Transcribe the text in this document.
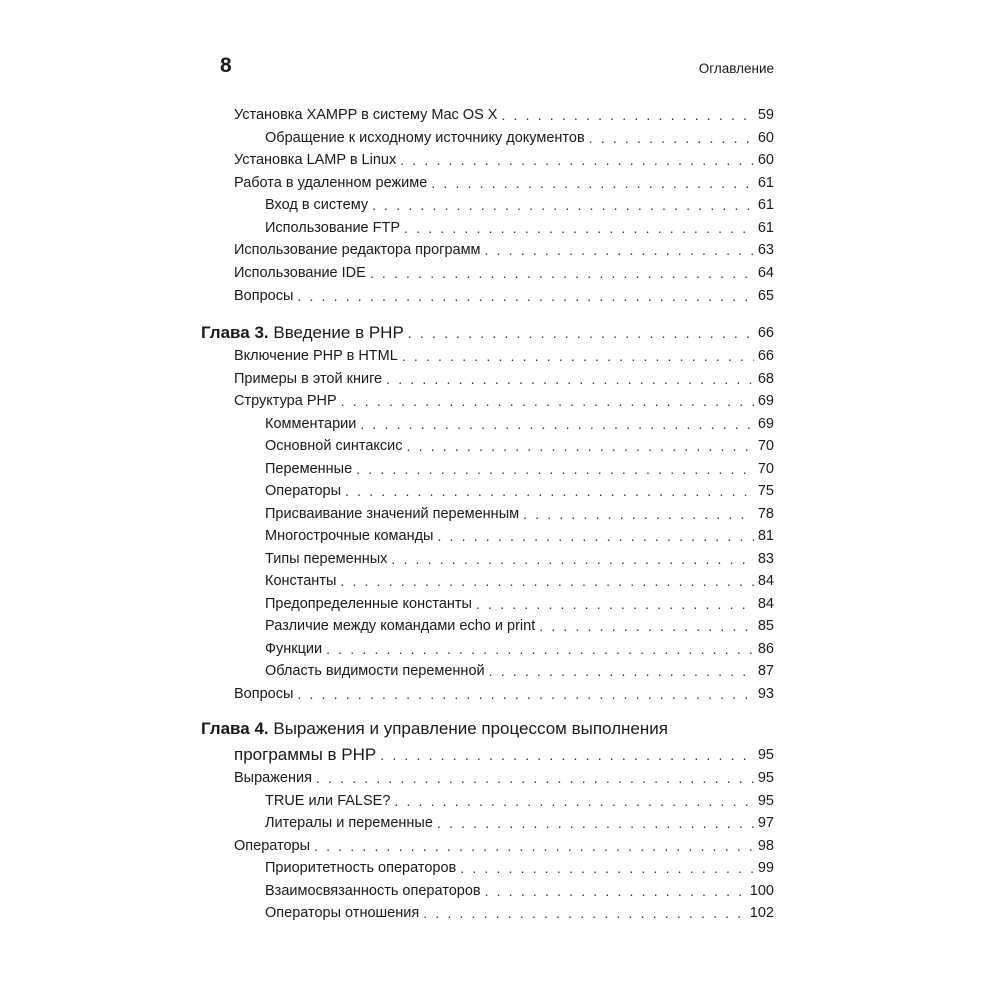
8	Оглавление
Установка XAMPP в систему Mac OS X . . .	59
Обращение к исходному источнику документов . . .	60
Установка LAMP в Linux . . .	60
Работа в удаленном режиме . . .	61
Вход в систему . . .	61
Использование FTP . . .	61
Использование редактора программ . . .	63
Использование IDE . . .	64
Вопросы . . .	65
Глава 3. Введение в PHP . . .	66
Включение PHP в HTML . . .	66
Примеры в этой книге . . .	68
Структура PHP . . .	69
Комментарии . . .	69
Основной синтаксис . . .	70
Переменные . . .	70
Операторы . . .	75
Присваивание значений переменным . . .	78
Многострочные команды . . .	81
Типы переменных . . .	83
Константы . . .	84
Предопределенные константы . . .	84
Различие между командами echo и print . . .	85
Функции . . .	86
Область видимости переменной . . .	87
Вопросы . . .	93
Глава 4. Выражения и управление процессом выполнения
программы в PHP . . .	95
Выражения . . .	95
TRUE или FALSE? . . .	95
Литералы и переменные . . .	97
Операторы . . .	98
Приоритетность операторов . . .	99
Взаимосвязанность операторов . . .	100
Операторы отношения . . .	102
